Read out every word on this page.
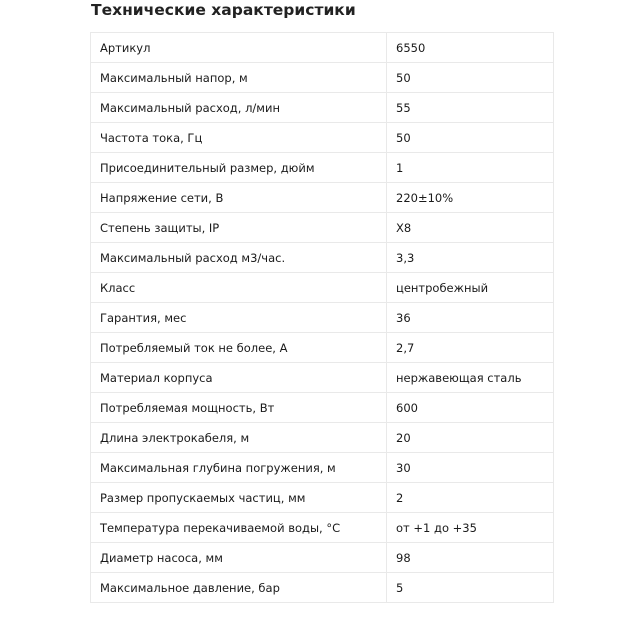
Технические характеристики
Артикул	6550
Максимальный напор, м	50
Максимальный расход, л/мин	55
Частота тока, Гц	50
Присоединительный размер, дюйм	1
Напряжение сети, В	220±10%
Степень защиты, IP	X8
Максимальный расход м3/час.	3,3
Класс	центробежный
Гарантия, мес	36
Потребляемый ток не более, А	2,7
Материал корпуса	нержавеющая сталь
Потребляемая мощность, Вт	600
Длина электрокабеля, м	20
Максимальная глубина погружения, м	30
Размер пропускаемых частиц, мм	2
Температура перекачиваемой воды, °С	от +1 до +35
Диаметр насоса, мм	98
Максимальное давление, бар	5
